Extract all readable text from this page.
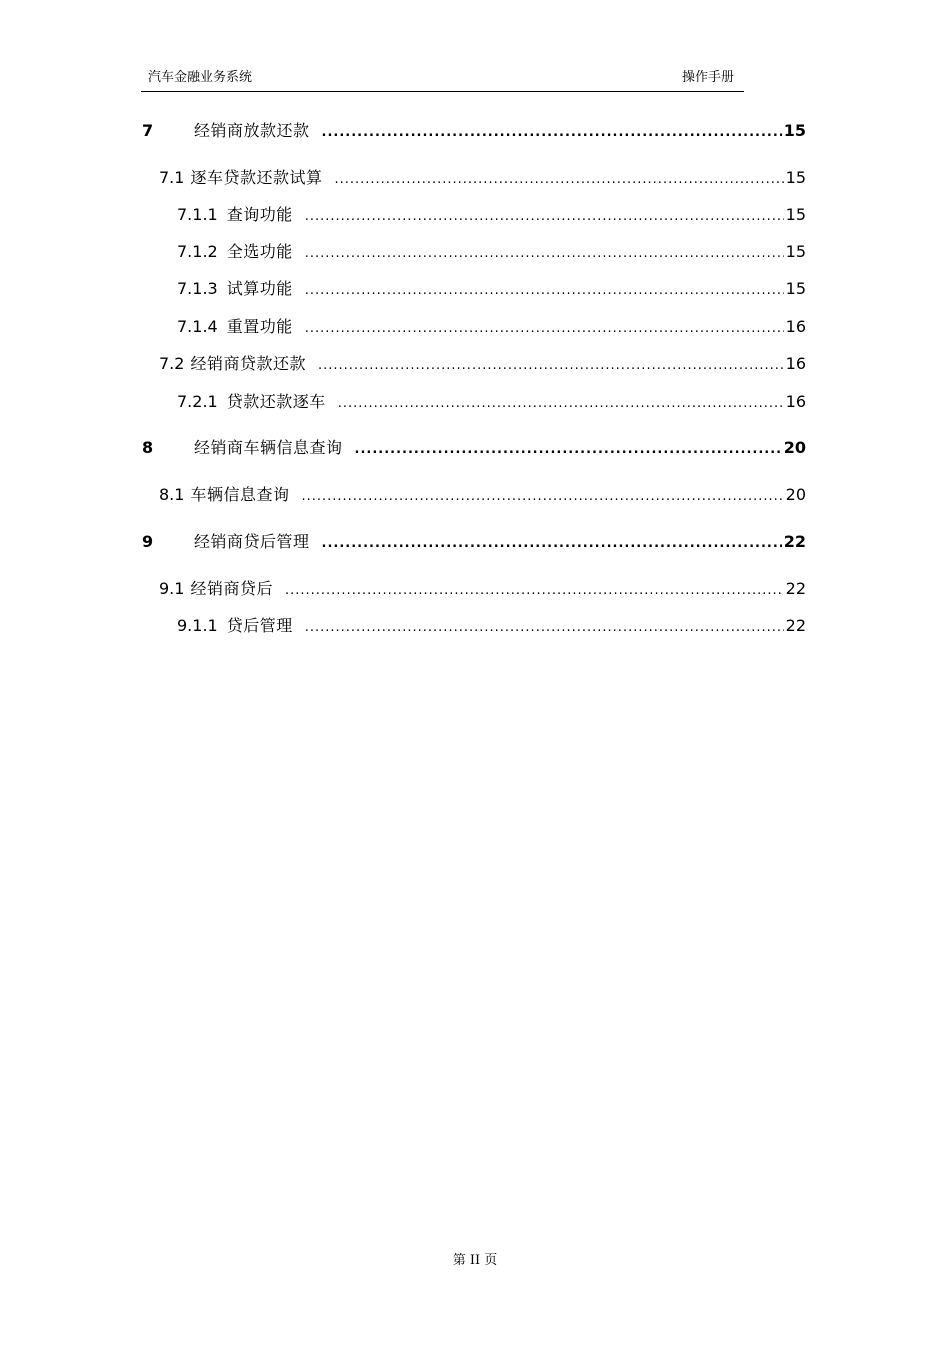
汽车金融业务系统	操作手册
7	经销商放款还款 .....	15
7.1 逐车贷款还款试算 .....	15
7.1.1 查询功能 .....	15
7.1.2 全选功能 .....	15
7.1.3 试算功能 .....	15
7.1.4 重置功能 .....	16
7.2 经销商贷款还款 .....	16
7.2.1 贷款还款逐车 .....	16
8	经销商车辆信息查询 .....	20
8.1 车辆信息查询 .....	20
9	经销商贷后管理 .....	22
9.1 经销商贷后 .....	22
9.1.1 贷后管理 .....	22
第 II 页
